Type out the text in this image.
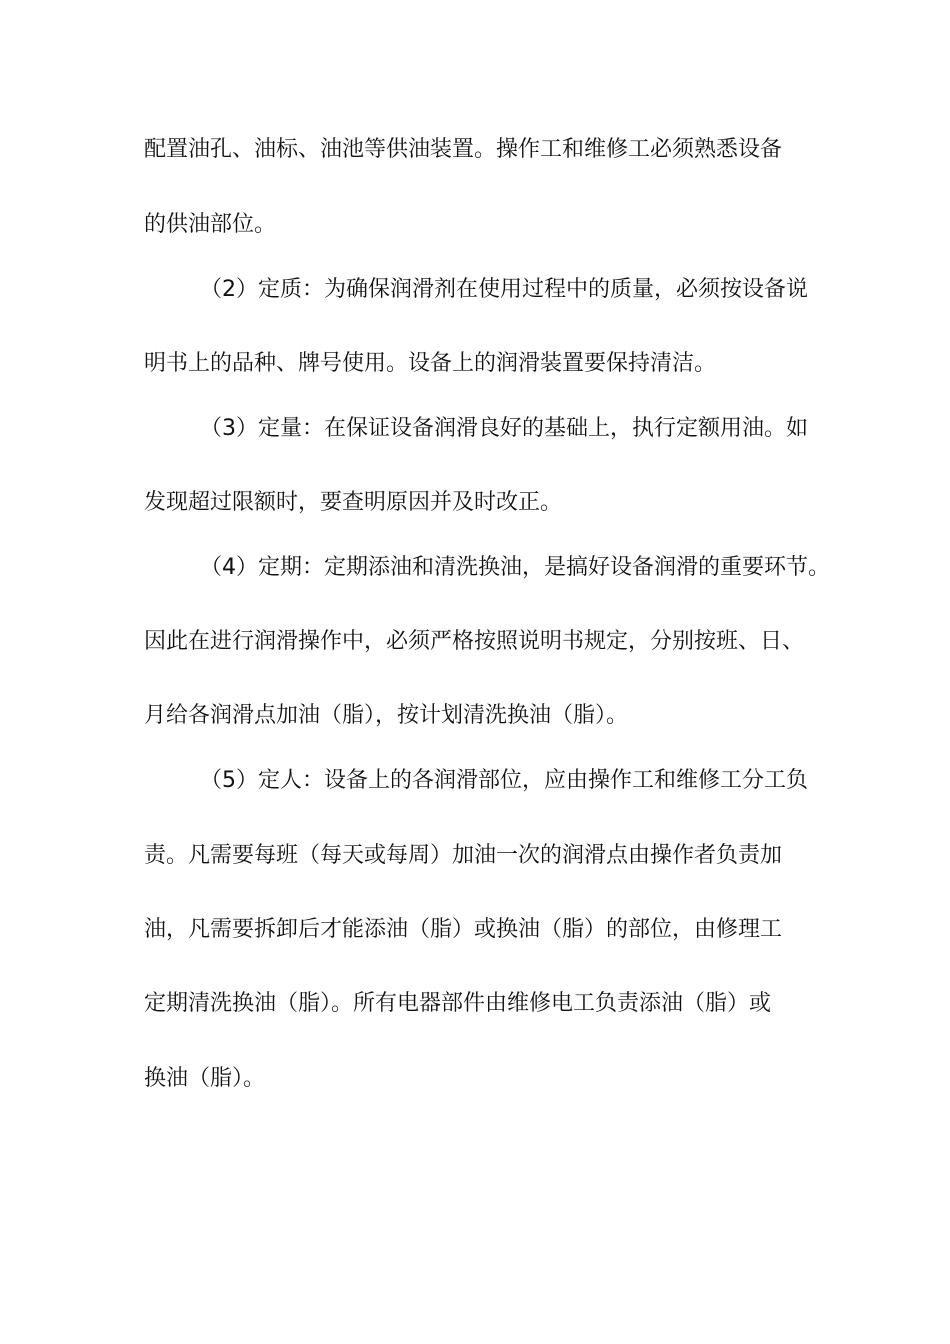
配置油孔、油标、油池等供油装置。操作工和维修工必须熟悉设备

的供油部位。

（2）定质：为确保润滑剂在使用过程中的质量，必须按设备说

明书上的品种、牌号使用。设备上的润滑装置要保持清洁。

（3）定量：在保证设备润滑良好的基础上，执行定额用油。如

发现超过限额时，要查明原因并及时改正。

（4）定期：定期添油和清洗换油，是搞好设备润滑的重要环节。

因此在进行润滑操作中，必须严格按照说明书规定，分别按班、日、

月给各润滑点加油（脂），按计划清洗换油（脂）。

（5）定人：设备上的各润滑部位，应由操作工和维修工分工负

责。凡需要每班（每天或每周）加油一次的润滑点由操作者负责加

油，凡需要拆卸后才能添油（脂）或换油（脂）的部位，由修理工

定期清洗换油（脂）。所有电器部件由维修电工负责添油（脂）或

换油（脂）。
